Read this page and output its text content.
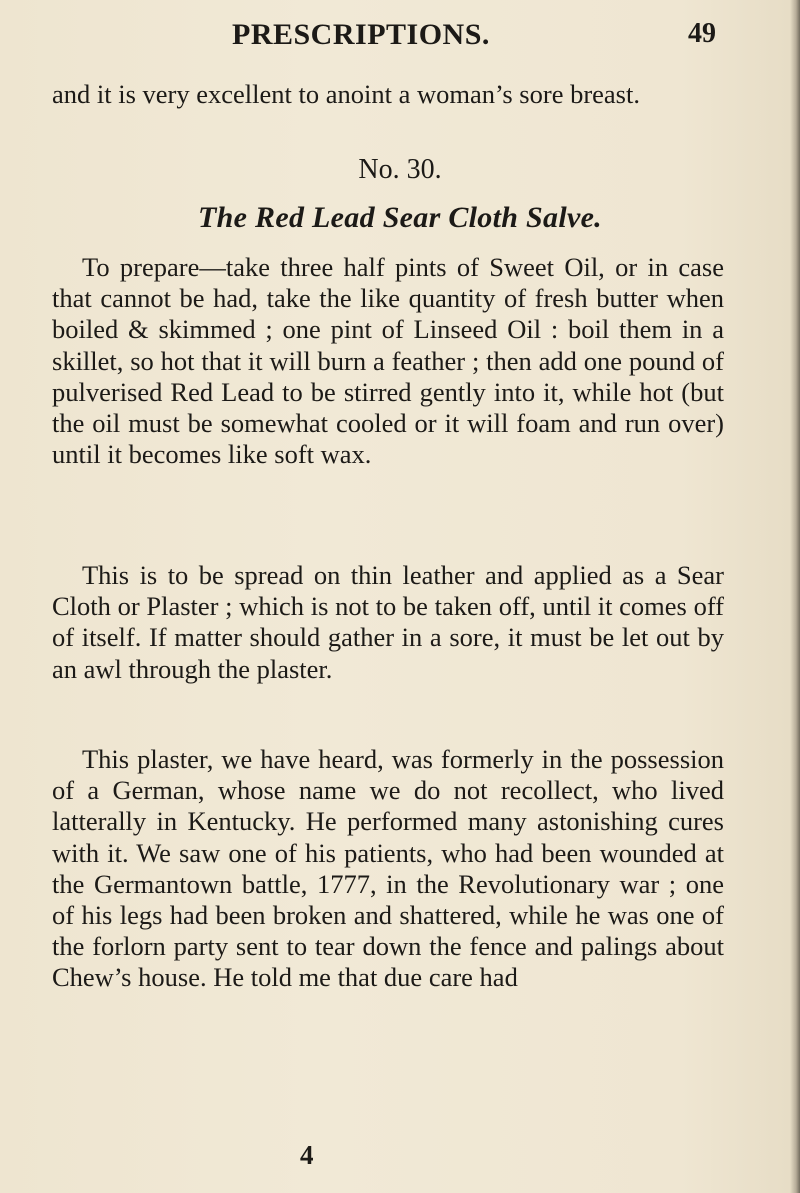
PRESCRIPTIONS.	49

and it is very excellent to anoint a woman’s sore breast.

No. 30.

The Red Lead Sear Cloth Salve.

To prepare—take three half pints of Sweet Oil, or in case that cannot be had, take the like quantity of fresh butter when boiled & skimmed ; one pint of Linseed Oil : boil them in a skillet, so hot that it will burn a feather ; then add one pound of pulverised Red Lead to be stirred gently into it, while hot (but the oil must be somewhat cooled or it will foam and run over) until it becomes like soft wax.

This is to be spread on thin leather and applied as a Sear Cloth or Plaster ; which is not to be taken off, until it comes off of itself. If matter should gather in a sore, it must be let out by an awl through the plaster.

This plaster, we have heard, was formerly in the possession of a German, whose name we do not recollect, who lived latterally in Kentucky. He performed many astonishing cures with it. We saw one of his patients, who had been wounded at the Germantown battle, 1777, in the Revolutionary war ; one of his legs had been broken and shattered, while he was one of the forlorn party sent to tear down the fence and palings about Chew’s house. He told me that due care had

4
